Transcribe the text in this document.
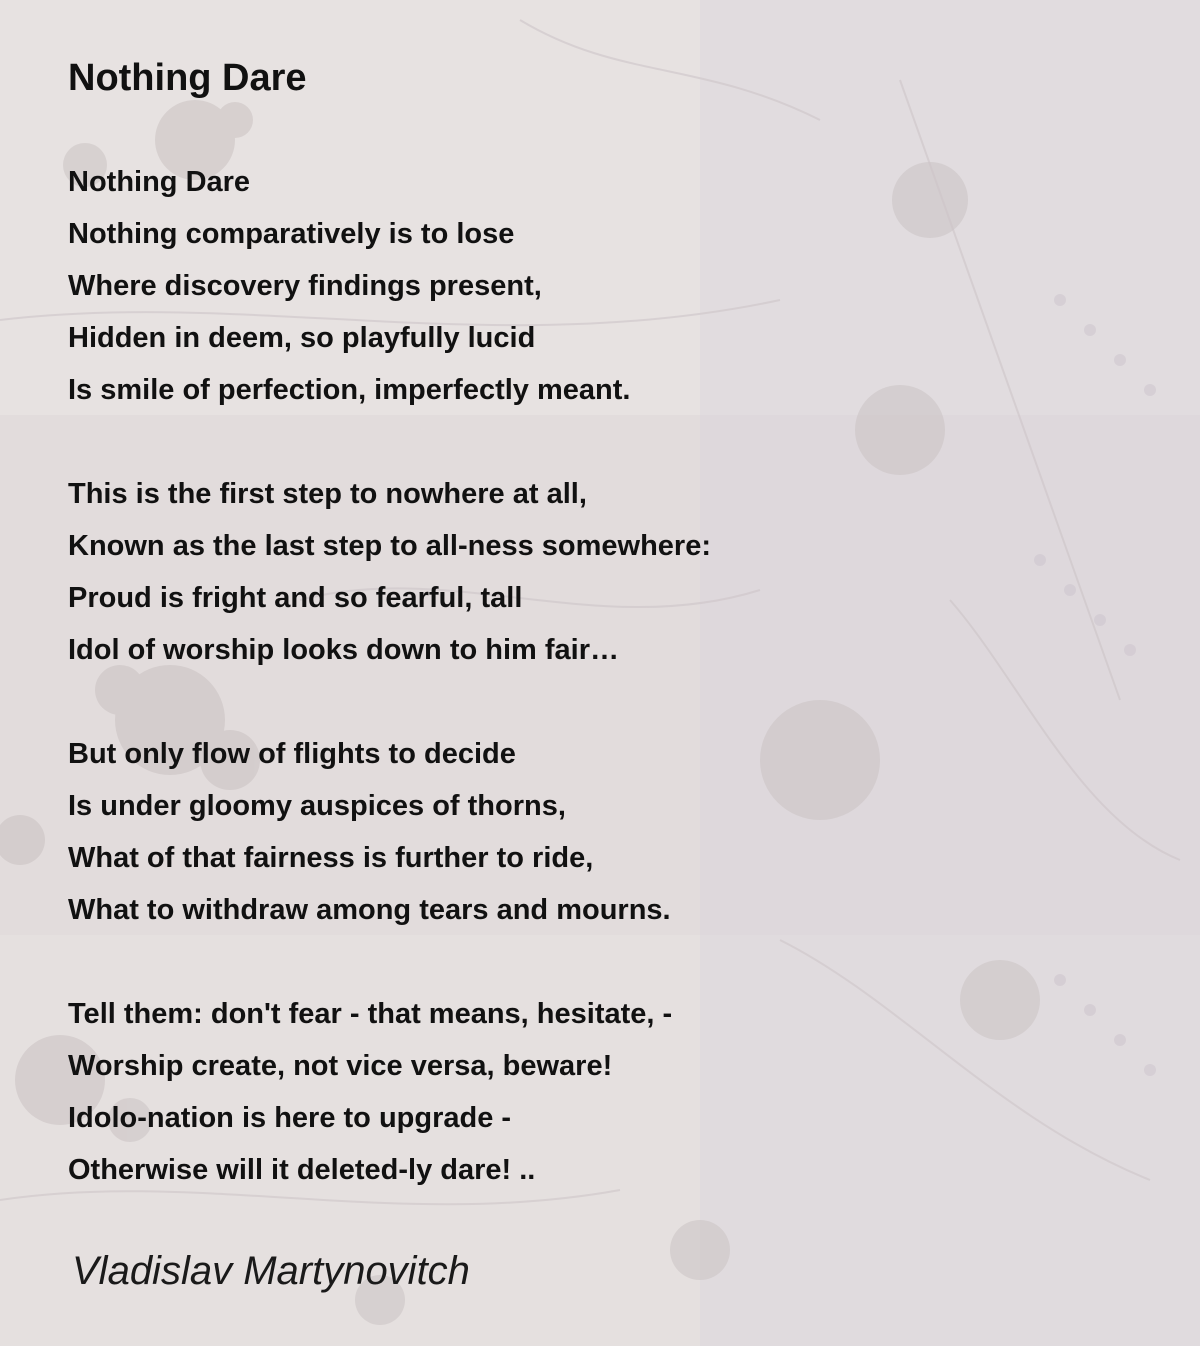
Nothing Dare
Nothing Dare
Nothing comparatively is to lose
Where discovery findings present,
Hidden in deem, so playfully lucid
Is smile of perfection, imperfectly meant.
This is the first step to nowhere at all,
Known as the last step to all-ness somewhere:
Proud is fright and so fearful, tall
Idol of worship looks down to him fair…
But only flow of flights to decide
Is under gloomy auspices of thorns,
What of that fairness is further to ride,
What to withdraw among tears and mourns.
Tell them: don't fear - that means, hesitate, -
Worship create, not vice versa, beware!
Idolo-nation is here to upgrade -
Otherwise will it deleted-ly dare! ..
Vladislav Martynovitch
